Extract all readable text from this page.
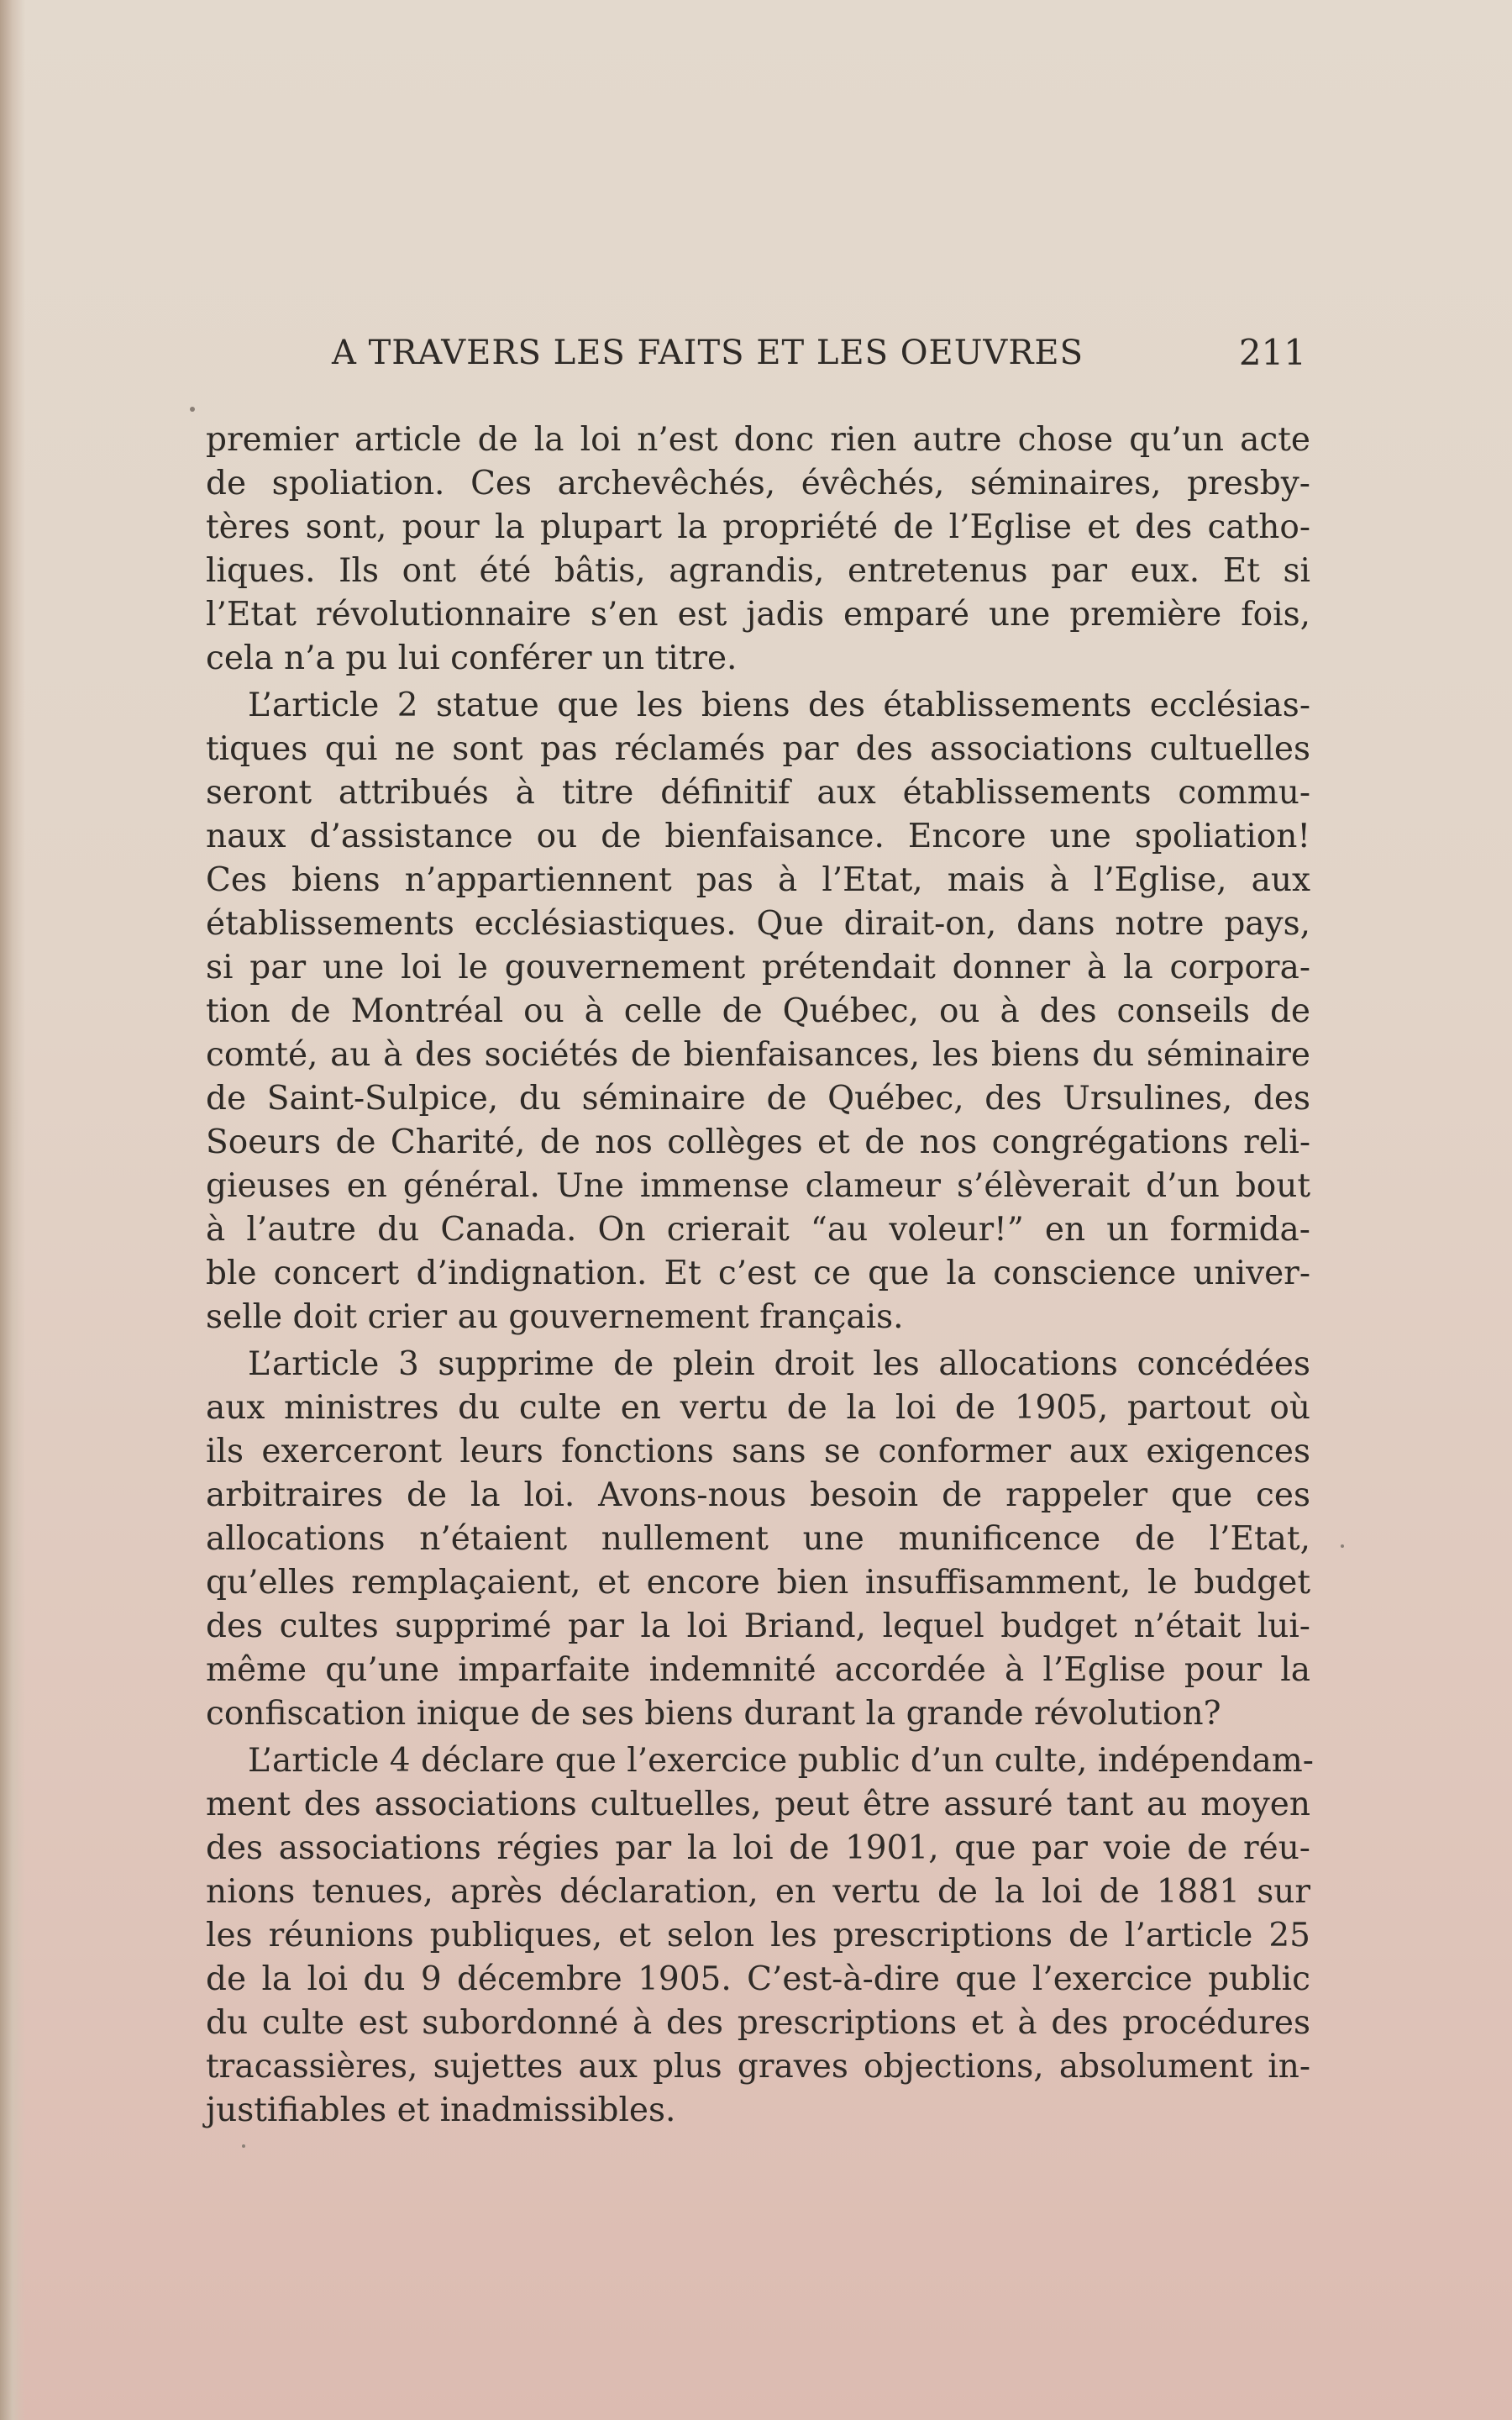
A TRAVERS LES FAITS ET LES OEUVRES	211
premier article de la loi n’est donc rien autre chose qu’un acte
de spoliation. Ces archevêchés, évêchés, séminaires, presby-
tères sont, pour la plupart la propriété de l’Eglise et des catho-
liques. Ils ont été bâtis, agrandis, entretenus par eux. Et si
l’Etat révolutionnaire s’en est jadis emparé une première fois,
cela n’a pu lui conférer un titre.
L’article 2 statue que les biens des établissements ecclésias-
tiques qui ne sont pas réclamés par des associations cultuelles
seront attribués à titre définitif aux établissements commu-
naux d’assistance ou de bienfaisance. Encore une spoliation!
Ces biens n’appartiennent pas à l’Etat, mais à l’Eglise, aux
établissements ecclésiastiques. Que dirait-on, dans notre pays,
si par une loi le gouvernement prétendait donner à la corpora-
tion de Montréal ou à celle de Québec, ou à des conseils de
comté, au à des sociétés de bienfaisances, les biens du séminaire
de Saint-Sulpice, du séminaire de Québec, des Ursulines, des
Soeurs de Charité, de nos collèges et de nos congrégations reli-
gieuses en général. Une immense clameur s’élèverait d’un bout
à l’autre du Canada. On crierait “au voleur!” en un formida-
ble concert d’indignation. Et c’est ce que la conscience univer-
selle doit crier au gouvernement français.
L’article 3 supprime de plein droit les allocations concédées
aux ministres du culte en vertu de la loi de 1905, partout où
ils exerceront leurs fonctions sans se conformer aux exigences
arbitraires de la loi. Avons-nous besoin de rappeler que ces
allocations n’étaient nullement une munificence de l’Etat,
qu’elles remplaçaient, et encore bien insuffisamment, le budget
des cultes supprimé par la loi Briand, lequel budget n’était lui-
même qu’une imparfaite indemnité accordée à l’Eglise pour la
confiscation inique de ses biens durant la grande révolution?
L’article 4 déclare que l’exercice public d’un culte, indépendam-
ment des associations cultuelles, peut être assuré tant au moyen
des associations régies par la loi de 1901, que par voie de réu-
nions tenues, après déclaration, en vertu de la loi de 1881 sur
les réunions publiques, et selon les prescriptions de l’article 25
de la loi du 9 décembre 1905. C’est-à-dire que l’exercice public
du culte est subordonné à des prescriptions et à des procédures
tracassières, sujettes aux plus graves objections, absolument in-
justifiables et inadmissibles.
